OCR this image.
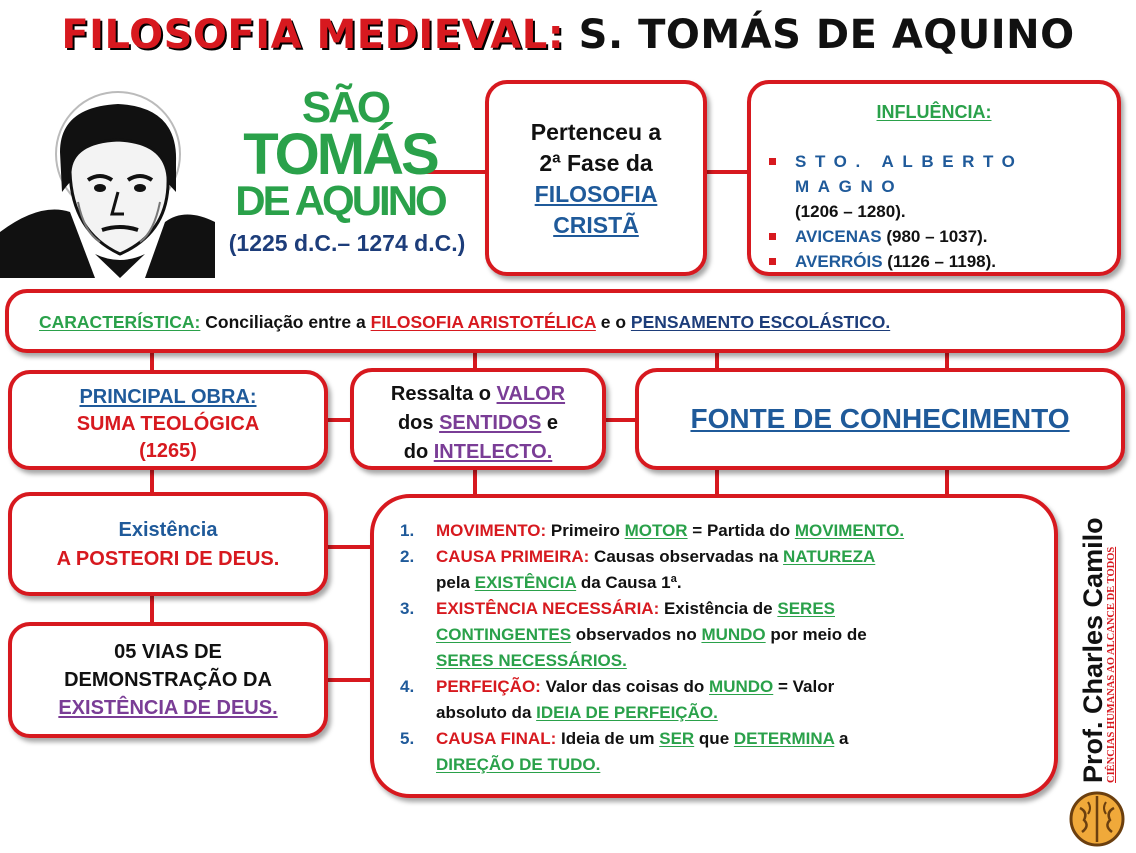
FILOSOFIA MEDIEVAL: S. TOMÁS DE AQUINO
SÃO
TOMÁS
DE AQUINO
(1225 d.C.– 1274 d.C.)
Pertenceu a
2ª Fase da
FILOSOFIA
CRISTÃ
INFLUÊNCIA:
STO. ALBERTO MAGNO
(1206 – 1280).
AVICENAS (980 – 1037).
AVERRÓIS (1126 – 1198).
CARACTERÍSTICA: Conciliação entre a FILOSOFIA ARISTOTÉLICA e o PENSAMENTO ESCOLÁSTICO.
PRINCIPAL OBRA:
SUMA TEOLÓGICA
(1265)
Ressalta o VALOR
dos SENTIDOS e
do INTELECTO.
FONTE DE CONHECIMENTO
Existência
A POSTEORI DE DEUS.
05 VIAS DE
DEMONSTRAÇÃO DA
EXISTÊNCIA DE DEUS.
1. MOVIMENTO: Primeiro MOTOR = Partida do MOVIMENTO.
2. CAUSA PRIMEIRA: Causas observadas na NATUREZA
pela EXISTÊNCIA da Causa 1ª.
3. EXISTÊNCIA NECESSÁRIA: Existência de SERES
CONTINGENTES observados no MUNDO por meio de
SERES NECESSÁRIOS.
4. PERFEIÇÃO: Valor das coisas do MUNDO = Valor
absoluto da IDEIA DE PERFEIÇÃO.
5. CAUSA FINAL: Ideia de um SER que DETERMINA a
DIREÇÃO DE TUDO.	Prof. Charles Camilo
CIÊNCIAS HUMANAS AO ALCANCE DE TODOS
